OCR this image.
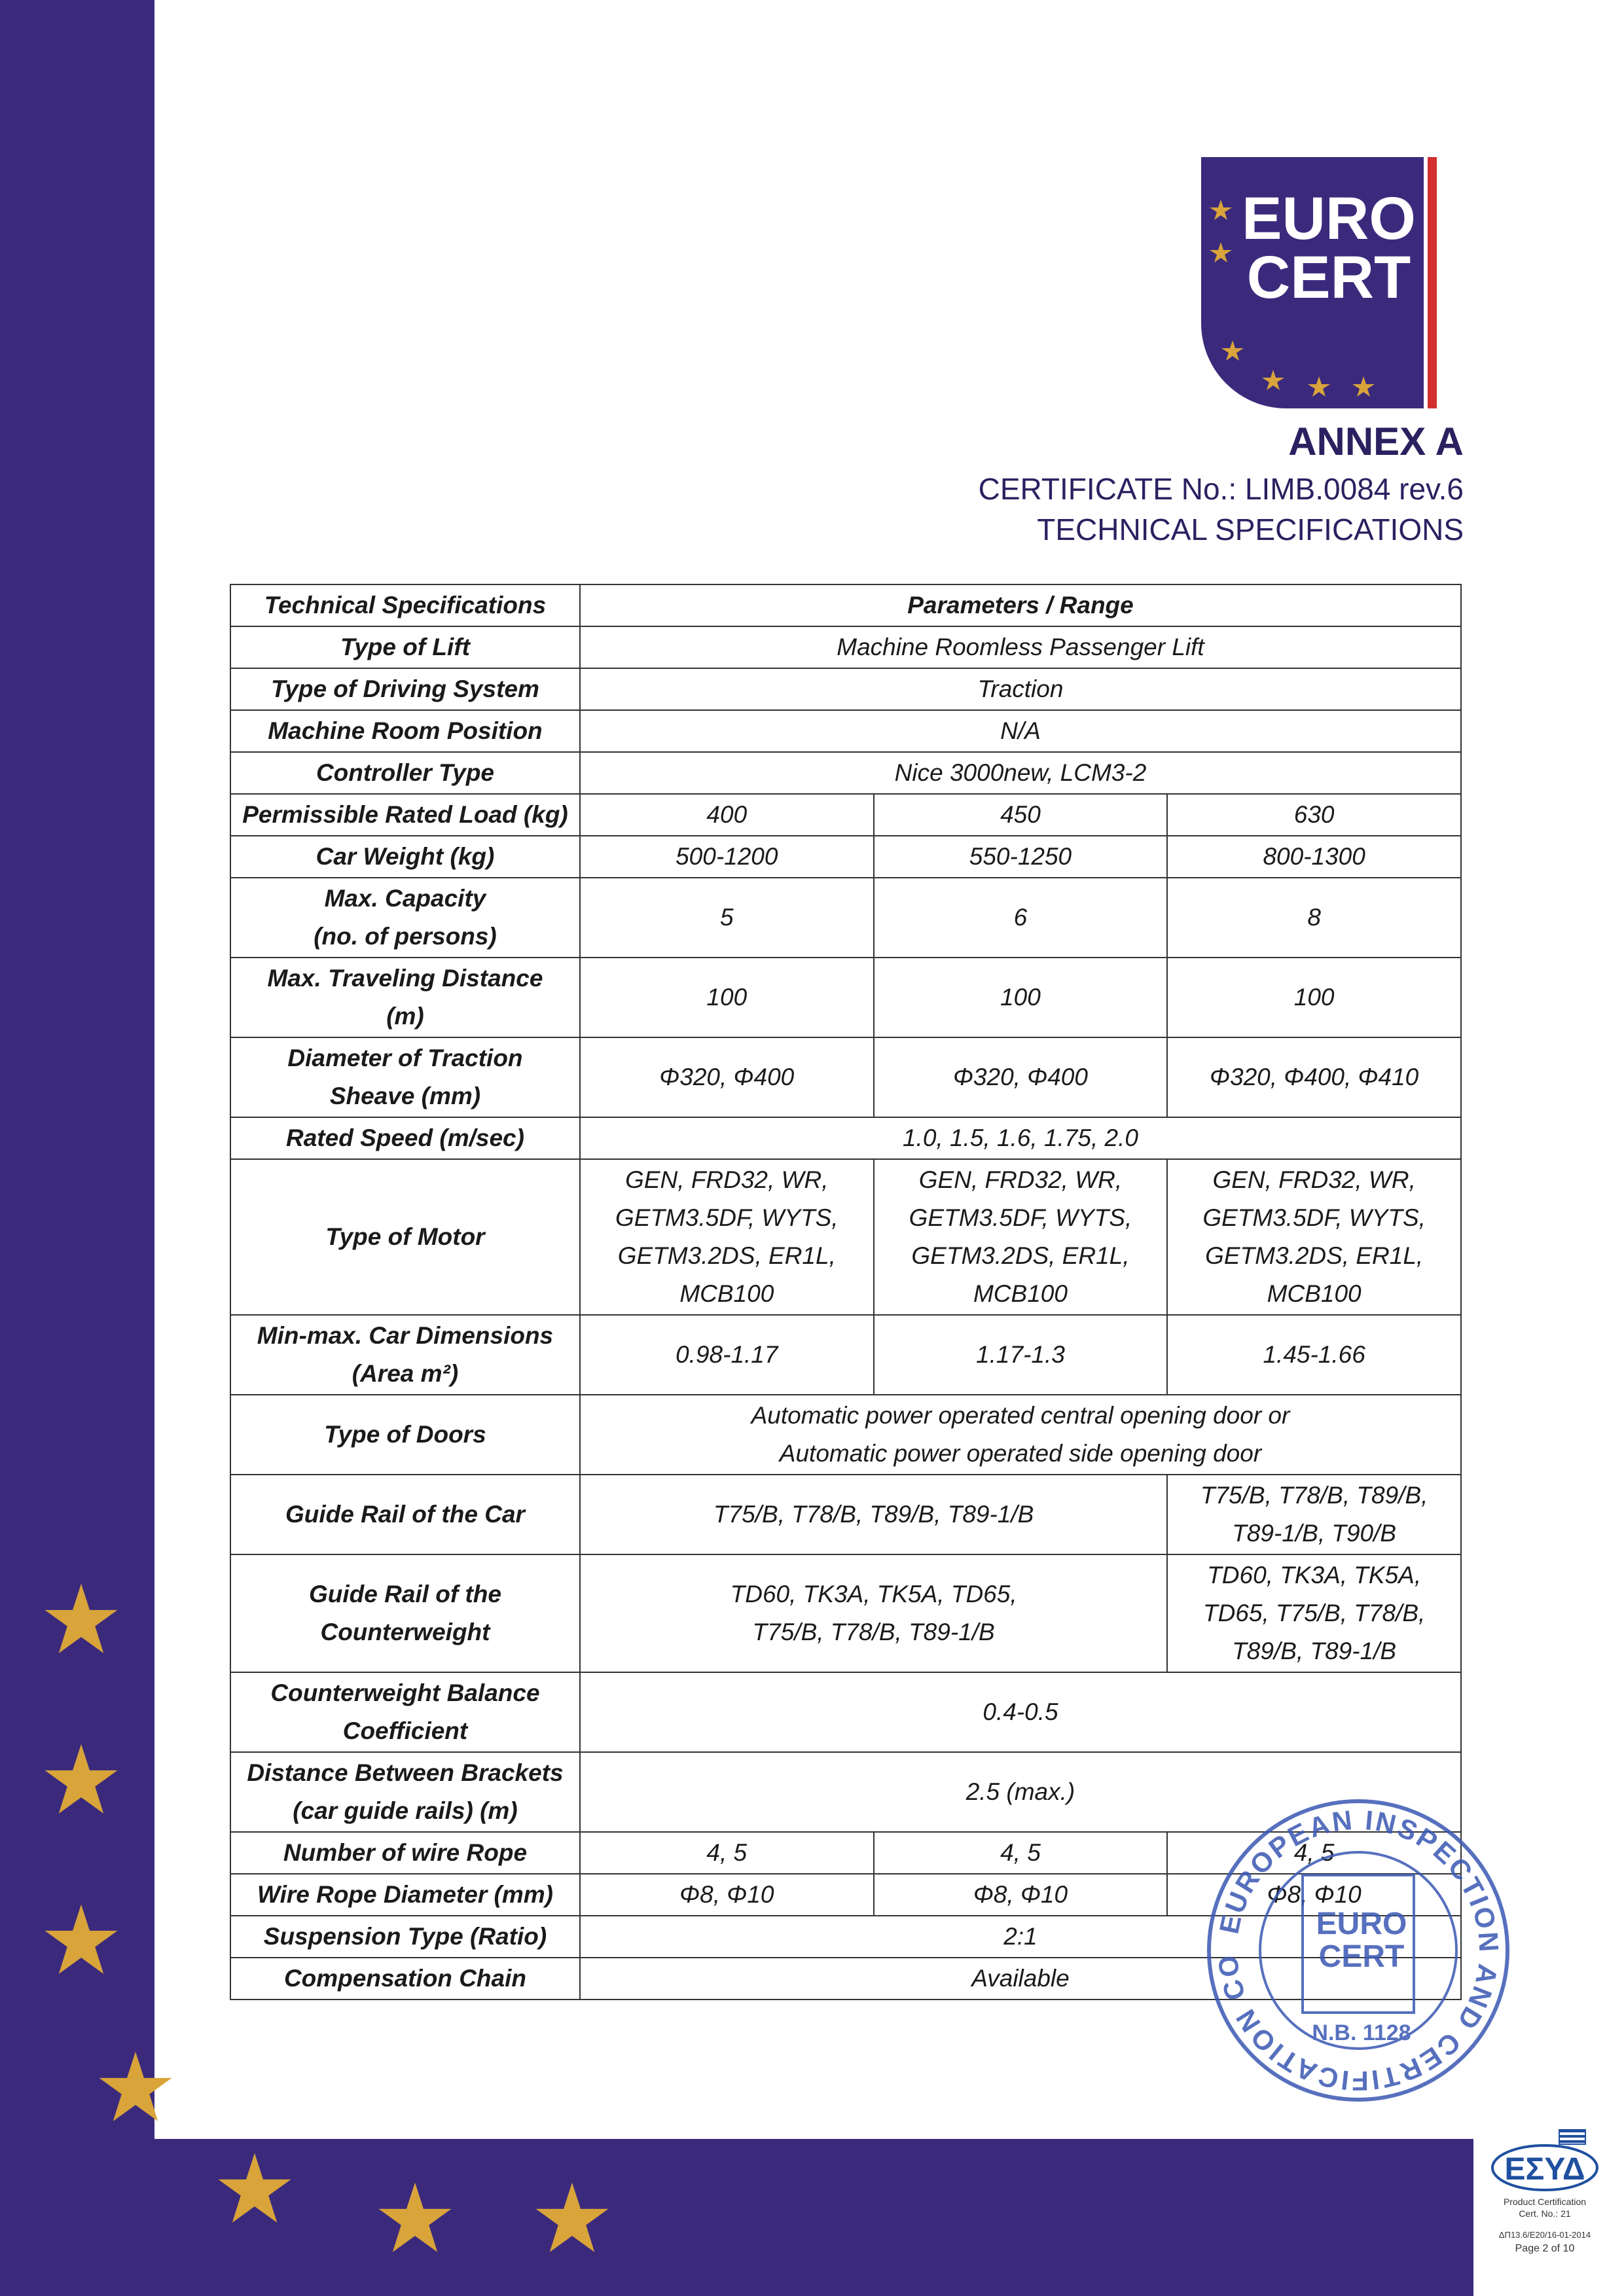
EURO
CERT
ANNEX A
CERTIFICATE No.: LIMB.0084 rev.6
TECHNICAL SPECIFICATIONS
Technical Specifications	Parameters / Range		
Type of Lift	Machine Roomless Passenger Lift		
Type of Driving System	Traction		
Machine Room Position	N/A		
Controller Type	Nice 3000new, LCM3-2		
Permissible Rated Load (kg)	400	450	630
Car Weight (kg)	500-1200	550-1250	800-1300
Max. Capacity
(no. of persons)	5	6	8
Max. Traveling Distance
(m)	100	100	100
Diameter of Traction
Sheave (mm)	Φ320, Φ400	Φ320, Φ400	Φ320, Φ400, Φ410
Rated Speed (m/sec)	1.0, 1.5, 1.6, 1.75, 2.0		
Type of Motor	GEN, FRD32, WR,
GETM3.5DF, WYTS,
GETM3.2DS, ER1L,
MCB100	GEN, FRD32, WR,
GETM3.5DF, WYTS,
GETM3.2DS, ER1L,
MCB100	GEN, FRD32, WR,
GETM3.5DF, WYTS,
GETM3.2DS, ER1L,
MCB100
Min-max. Car Dimensions
(Area m²)	0.98-1.17	1.17-1.3	1.45-1.66
Type of Doors	Automatic power operated central opening door or
Automatic power operated side opening door		
Guide Rail of the Car	T75/B, T78/B, T89/B, T89-1/B		T75/B, T78/B, T89/B,
T89-1/B, T90/B
Guide Rail of the
Counterweight	TD60, TK3A, TK5A, TD65,
T75/B, T78/B, T89-1/B		TD60, TK3A, TK5A,
TD65, T75/B, T78/B,
T89/B, T89-1/B
Counterweight Balance
Coefficient	0.4-0.5		
Distance Between Brackets
(car guide rails) (m)	2.5 (max.)		
Number of wire Rope	4, 5	4, 5	4, 5
Wire Rope Diameter (mm)	Φ8, Φ10	Φ8, Φ10	Φ8, Φ10
Suspension Type (Ratio)	2:1		
Compensation Chain	Available		
EUROPEAN INSPECTION AND CERTIFICATION CO
EURO
CERT
N.B. 1128
ΕΣΥΔ
Product Certification
Cert. No.: 21
ΔΠ13.6/Ε20/16-01-2014
Page 2 of 10
